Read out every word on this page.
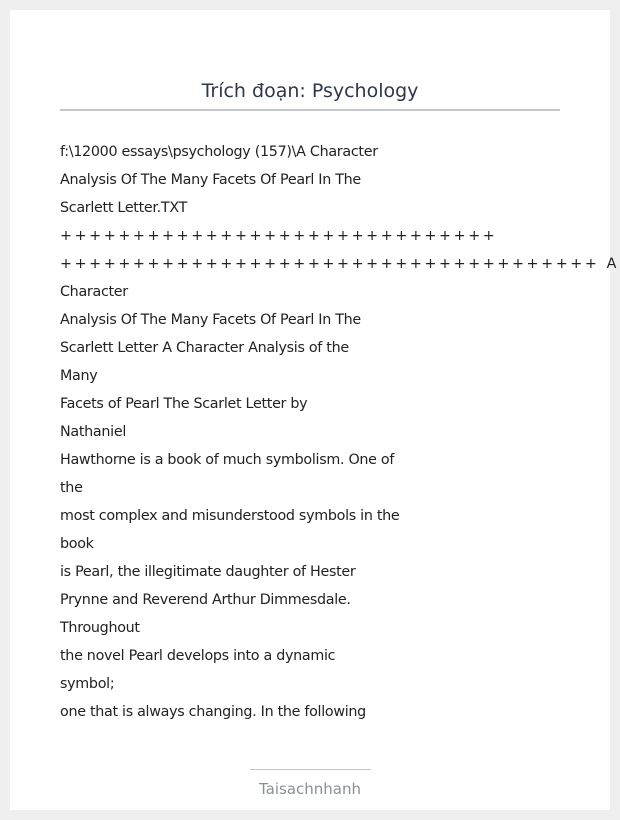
Trích đoạn: Psychology
f:\12000 essays\psychology (157)\A Character
Analysis Of The Many Facets Of Pearl In The
Scarlett Letter.TXT
++++++++++++++++++++++++++++++
+++++++++++++++++++++++++++++++++++++ A
Character
Analysis Of The Many Facets Of Pearl In The
Scarlett Letter A Character Analysis of the
Many
Facets of Pearl The Scarlet Letter by
Nathaniel
Hawthorne is a book of much symbolism. One of
the
most complex and misunderstood symbols in the
book
is Pearl, the illegitimate daughter of Hester
Prynne and Reverend Arthur Dimmesdale.
Throughout
the novel Pearl develops into a dynamic
symbol;
one that is always changing. In the following
Taisachnhanh
